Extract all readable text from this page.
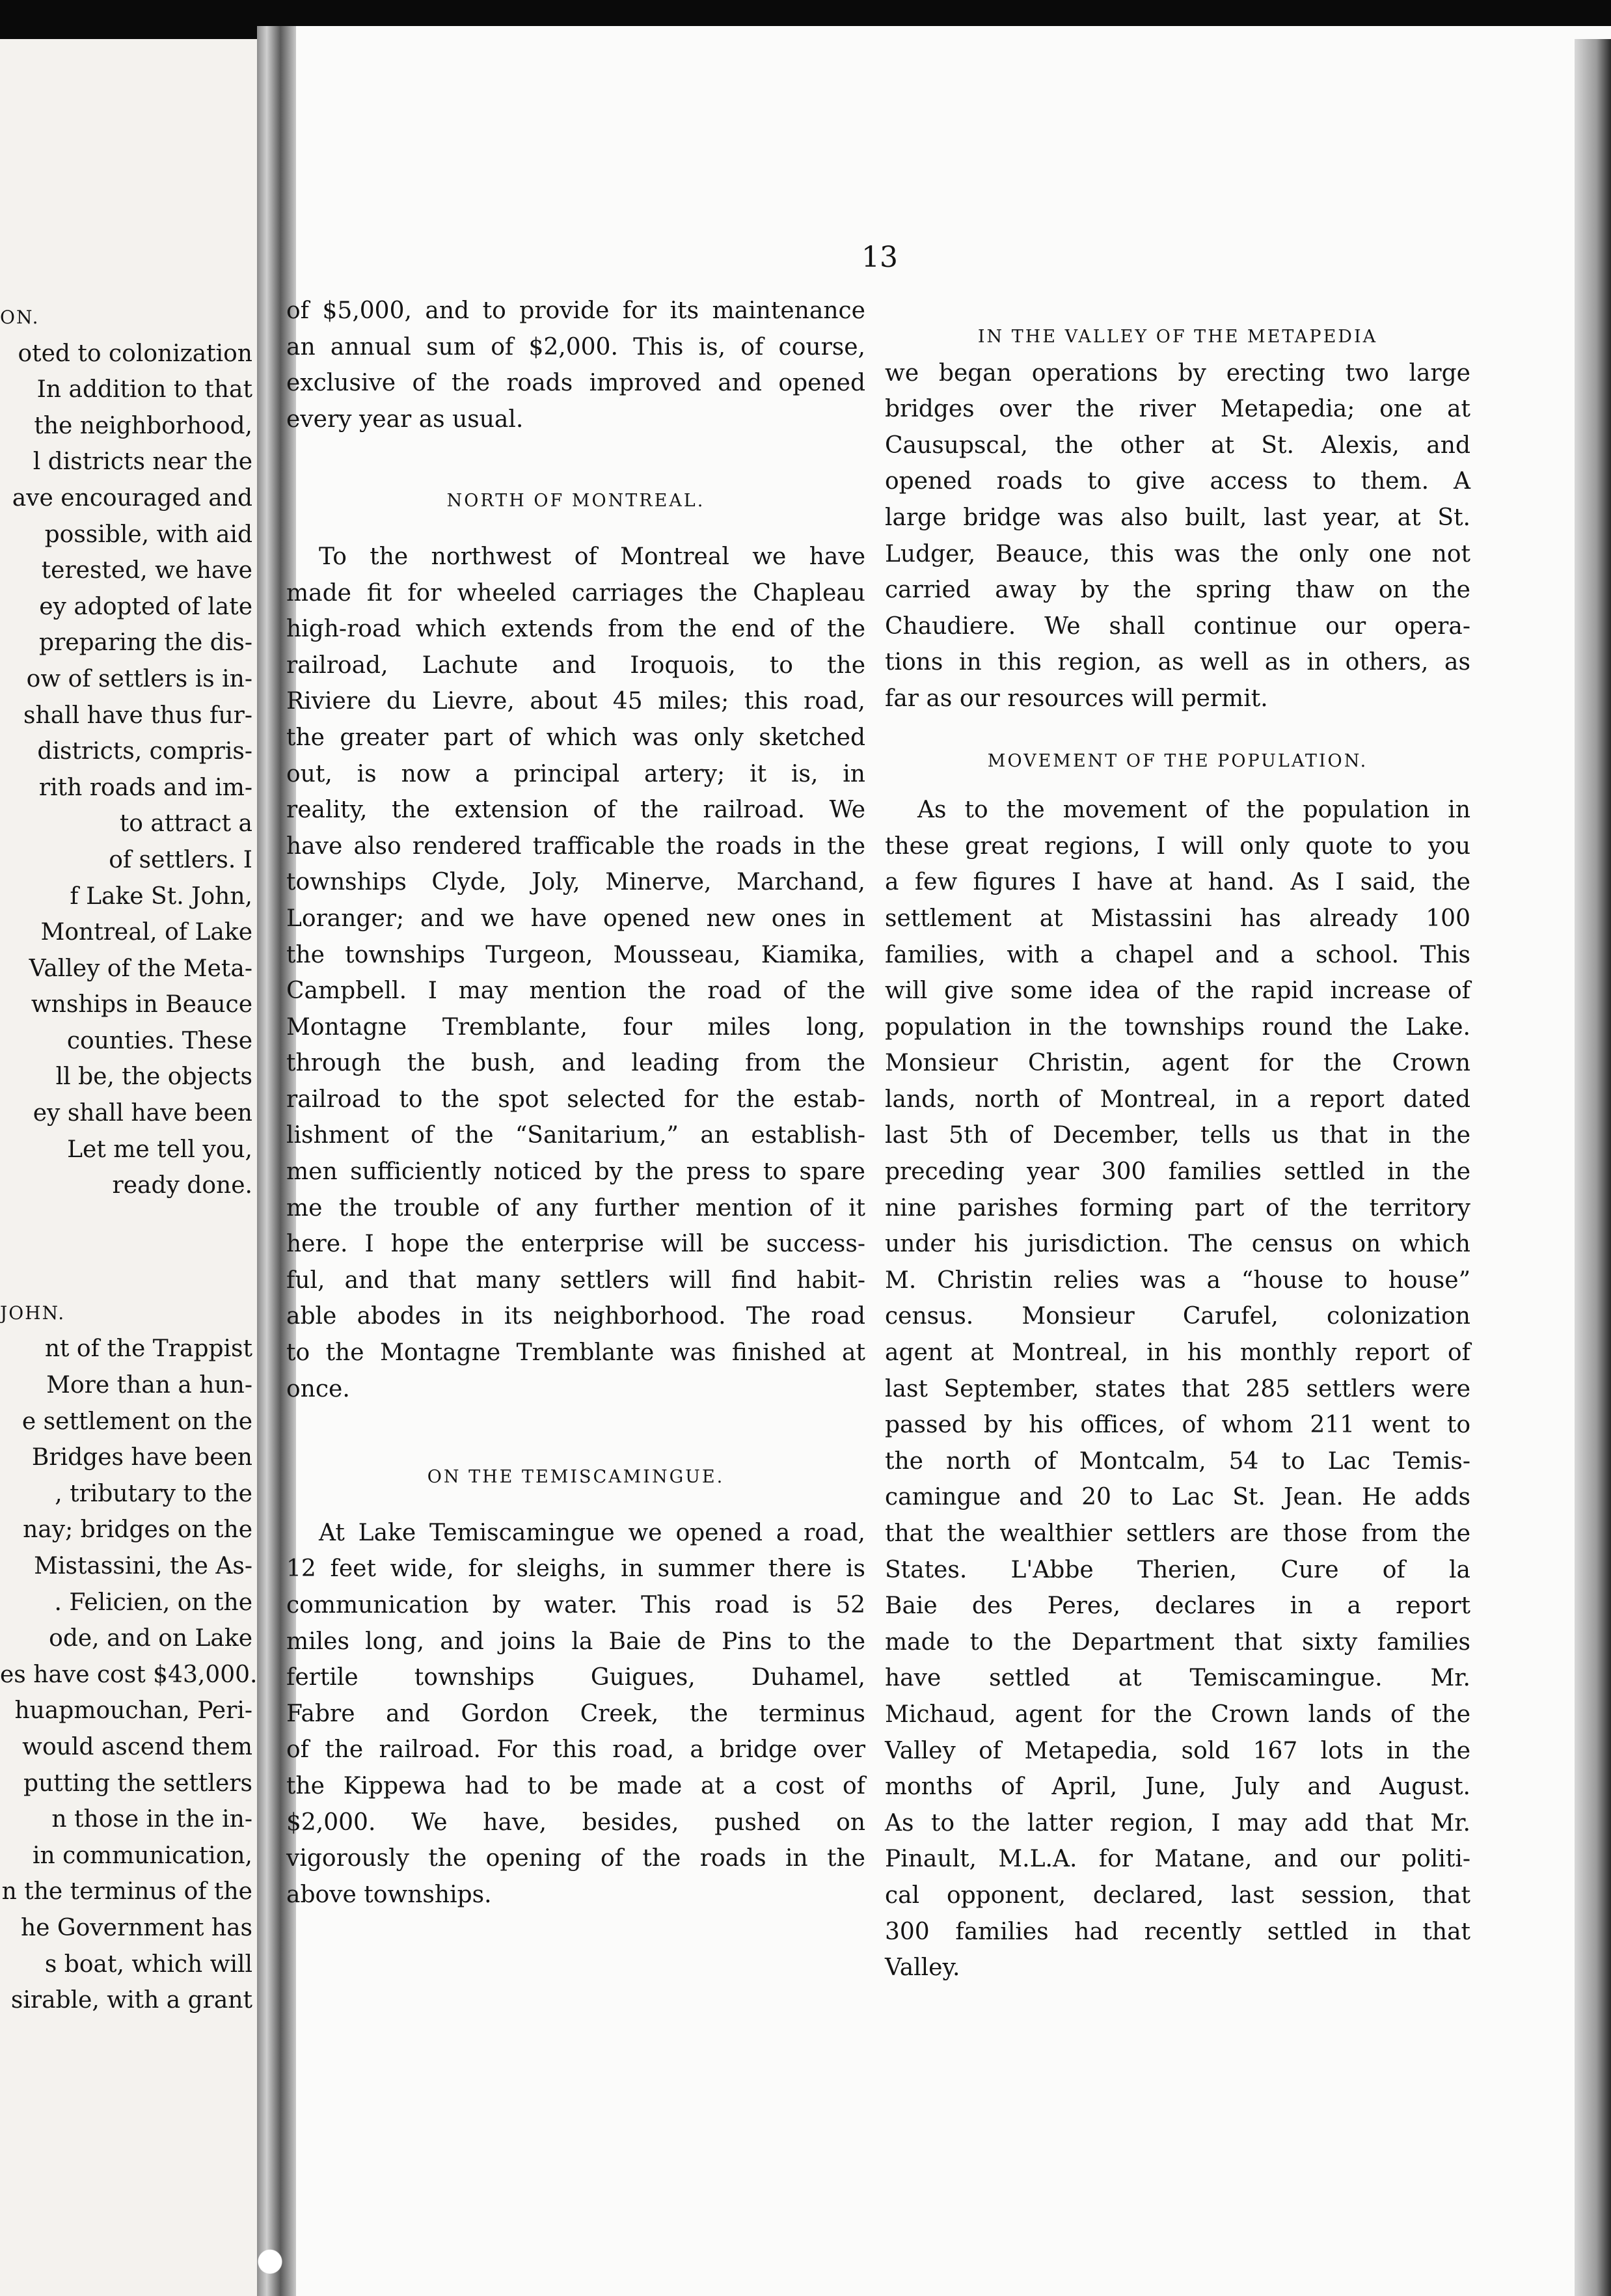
ON.
oted to colonization
In addition to that
the neighborhood,
l districts near the
ave encouraged and
possible, with aid
terested, we have
ey adopted of late
preparing the dis-
ow of settlers is in-
shall have thus fur-
districts, compris-
rith roads and im-
to attract a
of settlers. I
f Lake St. John,
Montreal, of Lake
Valley of the Meta-
wnships in Beauce
counties. These
ll be, the objects
ey shall have been
Let me tell you,
ready done.
JOHN.
nt of the Trappist
More than a hun-
e settlement on the
Bridges have been
, tributary to the
nay; bridges on the
Mistassini, the As-
. Felicien, on the
ode, and on Lake
es have cost $43,000.
huapmouchan, Peri-
would ascend them
putting the settlers
n those in the in-
in communication,
n the terminus of the
he Government has
s boat, which will
sirable, with a grant
13

of $5,000, and to provide for its maintenance

an annual sum of $2,000. This is, of course,

exclusive of the roads improved and opened

every year as usual.

NORTH OF MONTREAL.

To the northwest of Montreal we have

made fit for wheeled carriages the Chapleau

high-road which extends from the end of the

railroad, Lachute and Iroquois, to the

Riviere du Lievre, about 45 miles; this road,

the greater part of which was only sketched

out, is now a principal artery; it is, in

reality, the extension of the railroad. We

have also rendered trafficable the roads in the

townships Clyde, Joly, Minerve, Marchand,

Loranger; and we have opened new ones in

the townships Turgeon, Mousseau, Kiamika,

Campbell. I may mention the road of the

Montagne Tremblante, four miles long,

through the bush, and leading from the

railroad to the spot selected for the estab-

lishment of the “Sanitarium,” an establish-

men sufficiently noticed by the press to spare

me the trouble of any further mention of it

here. I hope the enterprise will be success-

ful, and that many settlers will find habit-

able abodes in its neighborhood. The road

to the Montagne Tremblante was finished at

once.

ON THE TEMISCAMINGUE.

At Lake Temiscamingue we opened a road,

12 feet wide, for sleighs, in summer there is

communication by water. This road is 52

miles long, and joins la Baie de Pins to the

fertile townships Guigues, Duhamel,

Fabre and Gordon Creek, the terminus

of the railroad. For this road, a bridge over

the Kippewa had to be made at a cost of

$2,000. We have, besides, pushed on

vigorously the opening of the roads in the

above townships.

IN THE VALLEY OF THE METAPEDIA

we began operations by erecting two large

bridges over the river Metapedia; one at

Causupscal, the other at St. Alexis, and

opened roads to give access to them. A

large bridge was also built, last year, at St.

Ludger, Beauce, this was the only one not

carried away by the spring thaw on the

Chaudiere. We shall continue our opera-

tions in this region, as well as in others, as

far as our resources will permit.

MOVEMENT OF THE POPULATION.

As to the movement of the population in

these great regions, I will only quote to you

a few figures I have at hand. As I said, the

settlement at Mistassini has already 100

families, with a chapel and a school. This

will give some idea of the rapid increase of

population in the townships round the Lake.

Monsieur Christin, agent for the Crown

lands, north of Montreal, in a report dated

last 5th of December, tells us that in the

preceding year 300 families settled in the

nine parishes forming part of the territory

under his jurisdiction. The census on which

M. Christin relies was a “house to house”

census. Monsieur Carufel, colonization

agent at Montreal, in his monthly report of

last September, states that 285 settlers were

passed by his offices, of whom 211 went to

the north of Montcalm, 54 to Lac Temis-

camingue and 20 to Lac St. Jean. He adds

that the wealthier settlers are those from the

States. L'Abbe Therien, Cure of la

Baie des Peres, declares in a report

made to the Department that sixty families

have settled at Temiscamingue. Mr.

Michaud, agent for the Crown lands of the

Valley of Metapedia, sold 167 lots in the

months of April, June, July and August.

As to the latter region, I may add that Mr.

Pinault, M.L.A. for Matane, and our politi-

cal opponent, declared, last session, that

300 families had recently settled in that

Valley.
